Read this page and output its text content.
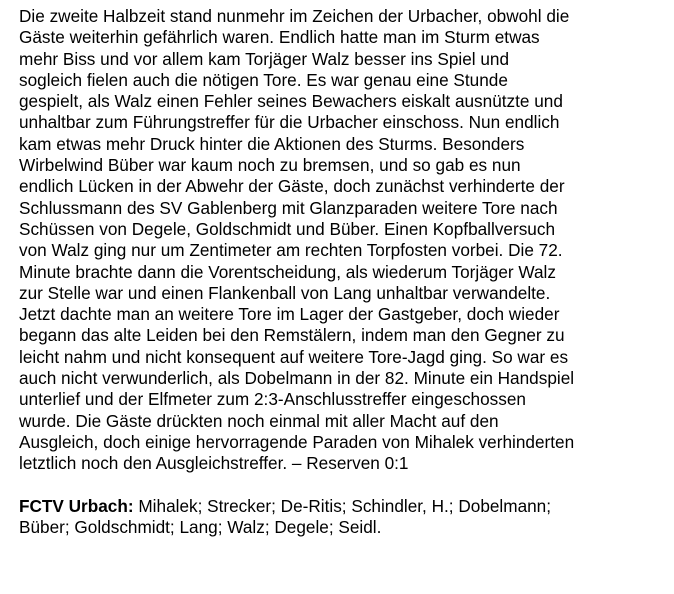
Die zweite Halbzeit stand nunmehr im Zeichen der Urbacher, obwohl die
Gäste weiterhin gefährlich waren. Endlich hatte man im Sturm etwas
mehr Biss und vor allem kam Torjäger Walz besser ins Spiel und
sogleich fielen auch die nötigen Tore. Es war genau eine Stunde
gespielt, als Walz einen Fehler seines Bewachers eiskalt ausnützte und
unhaltbar zum Führungstreffer für die Urbacher einschoss. Nun endlich
kam etwas mehr Druck hinter die Aktionen des Sturms. Besonders
Wirbelwind Büber war kaum noch zu bremsen, und so gab es nun
endlich Lücken in der Abwehr der Gäste, doch zunächst verhinderte der
Schlussmann des SV Gablenberg mit Glanzparaden weitere Tore nach
Schüssen von Degele, Goldschmidt und Büber. Einen Kopfballversuch
von Walz ging nur um Zentimeter am rechten Torpfosten vorbei. Die 72.
Minute brachte dann die Vorentscheidung, als wiederum Torjäger Walz
zur Stelle war und einen Flankenball von Lang unhaltbar verwandelte.
Jetzt dachte man an weitere Tore im Lager der Gastgeber, doch wieder
begann das alte Leiden bei den Remstälern, indem man den Gegner zu
leicht nahm und nicht konsequent auf weitere Tore-Jagd ging. So war es
auch nicht verwunderlich, als Dobelmann in der 82. Minute ein Handspiel
unterlief und der Elfmeter zum 2:3-Anschlusstreffer eingeschossen
wurde. Die Gäste drückten noch einmal mit aller Macht auf den
Ausgleich, doch einige hervorragende Paraden von Mihalek verhinderten
letztlich noch den Ausgleichstreffer. – Reserven 0:1
FCTV Urbach: Mihalek; Strecker; De-Ritis; Schindler, H.; Dobelmann;
Büber; Goldschmidt; Lang; Walz; Degele; Seidl.
